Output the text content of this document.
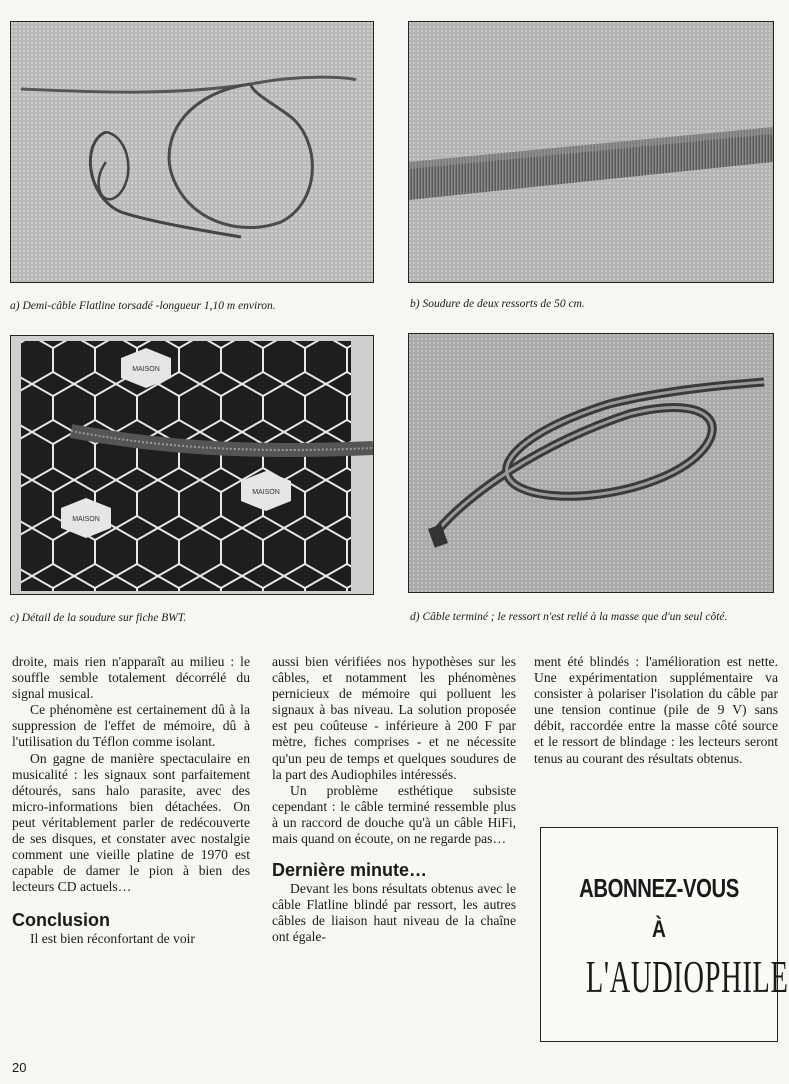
a) Demi-câble Flatline torsadé -longueur 1,10 m environ.	b) Soudure de deux ressorts de 50 cm.
MAISON
MAISON
MAISON
c) Détail de la soudure sur fiche BWT.	d) Câble terminé ; le ressort n'est relié à la masse que d'un seul côté.

droite, mais rien n'apparaît au milieu : le souffle semble totalement décorrélé du signal musical.

Ce phénomène est certainement dû à la suppression de l'effet de mémoire, dû à l'utilisation du Téflon comme isolant.

On gagne de manière spectaculaire en musicalité : les signaux sont parfaitement détourés, sans halo parasite, avec des micro-informations bien détachées. On peut véritablement parler de redécouverte de ses disques, et constater avec nostalgie comment une vieille platine de 1970 est capable de damer le pion à bien des lecteurs CD actuels…

Conclusion

Il est bien réconfortant de voir

aussi bien vérifiées nos hypothèses sur les câbles, et notamment les phénomènes pernicieux de mémoire qui polluent les signaux à bas niveau. La solution proposée est peu coûteuse - inférieure à 200 F par mètre, fiches comprises - et ne nécessite qu'un peu de temps et quelques soudures de la part des Audiophiles intéressés.

Un problème esthétique subsiste cependant : le câble terminé ressemble plus à un raccord de douche qu'à un câble HiFi, mais quand on écoute, on ne regarde pas…

Dernière minute…

Devant les bons résultats obtenus avec le câble Flatline blindé par ressort, les autres câbles de liaison haut niveau de la chaîne ont égale-

ment été blindés : l'amélioration est nette. Une expérimentation supplémentaire va consister à polariser l'isolation du câble par une tension continue (pile de 9 V) sans débit, raccordée entre la masse côté source et le ressort de blindage : les lecteurs seront tenus au courant des résultats obtenus.

ABONNEZ-VOUS
À
L'AUDIOPHILE
20
